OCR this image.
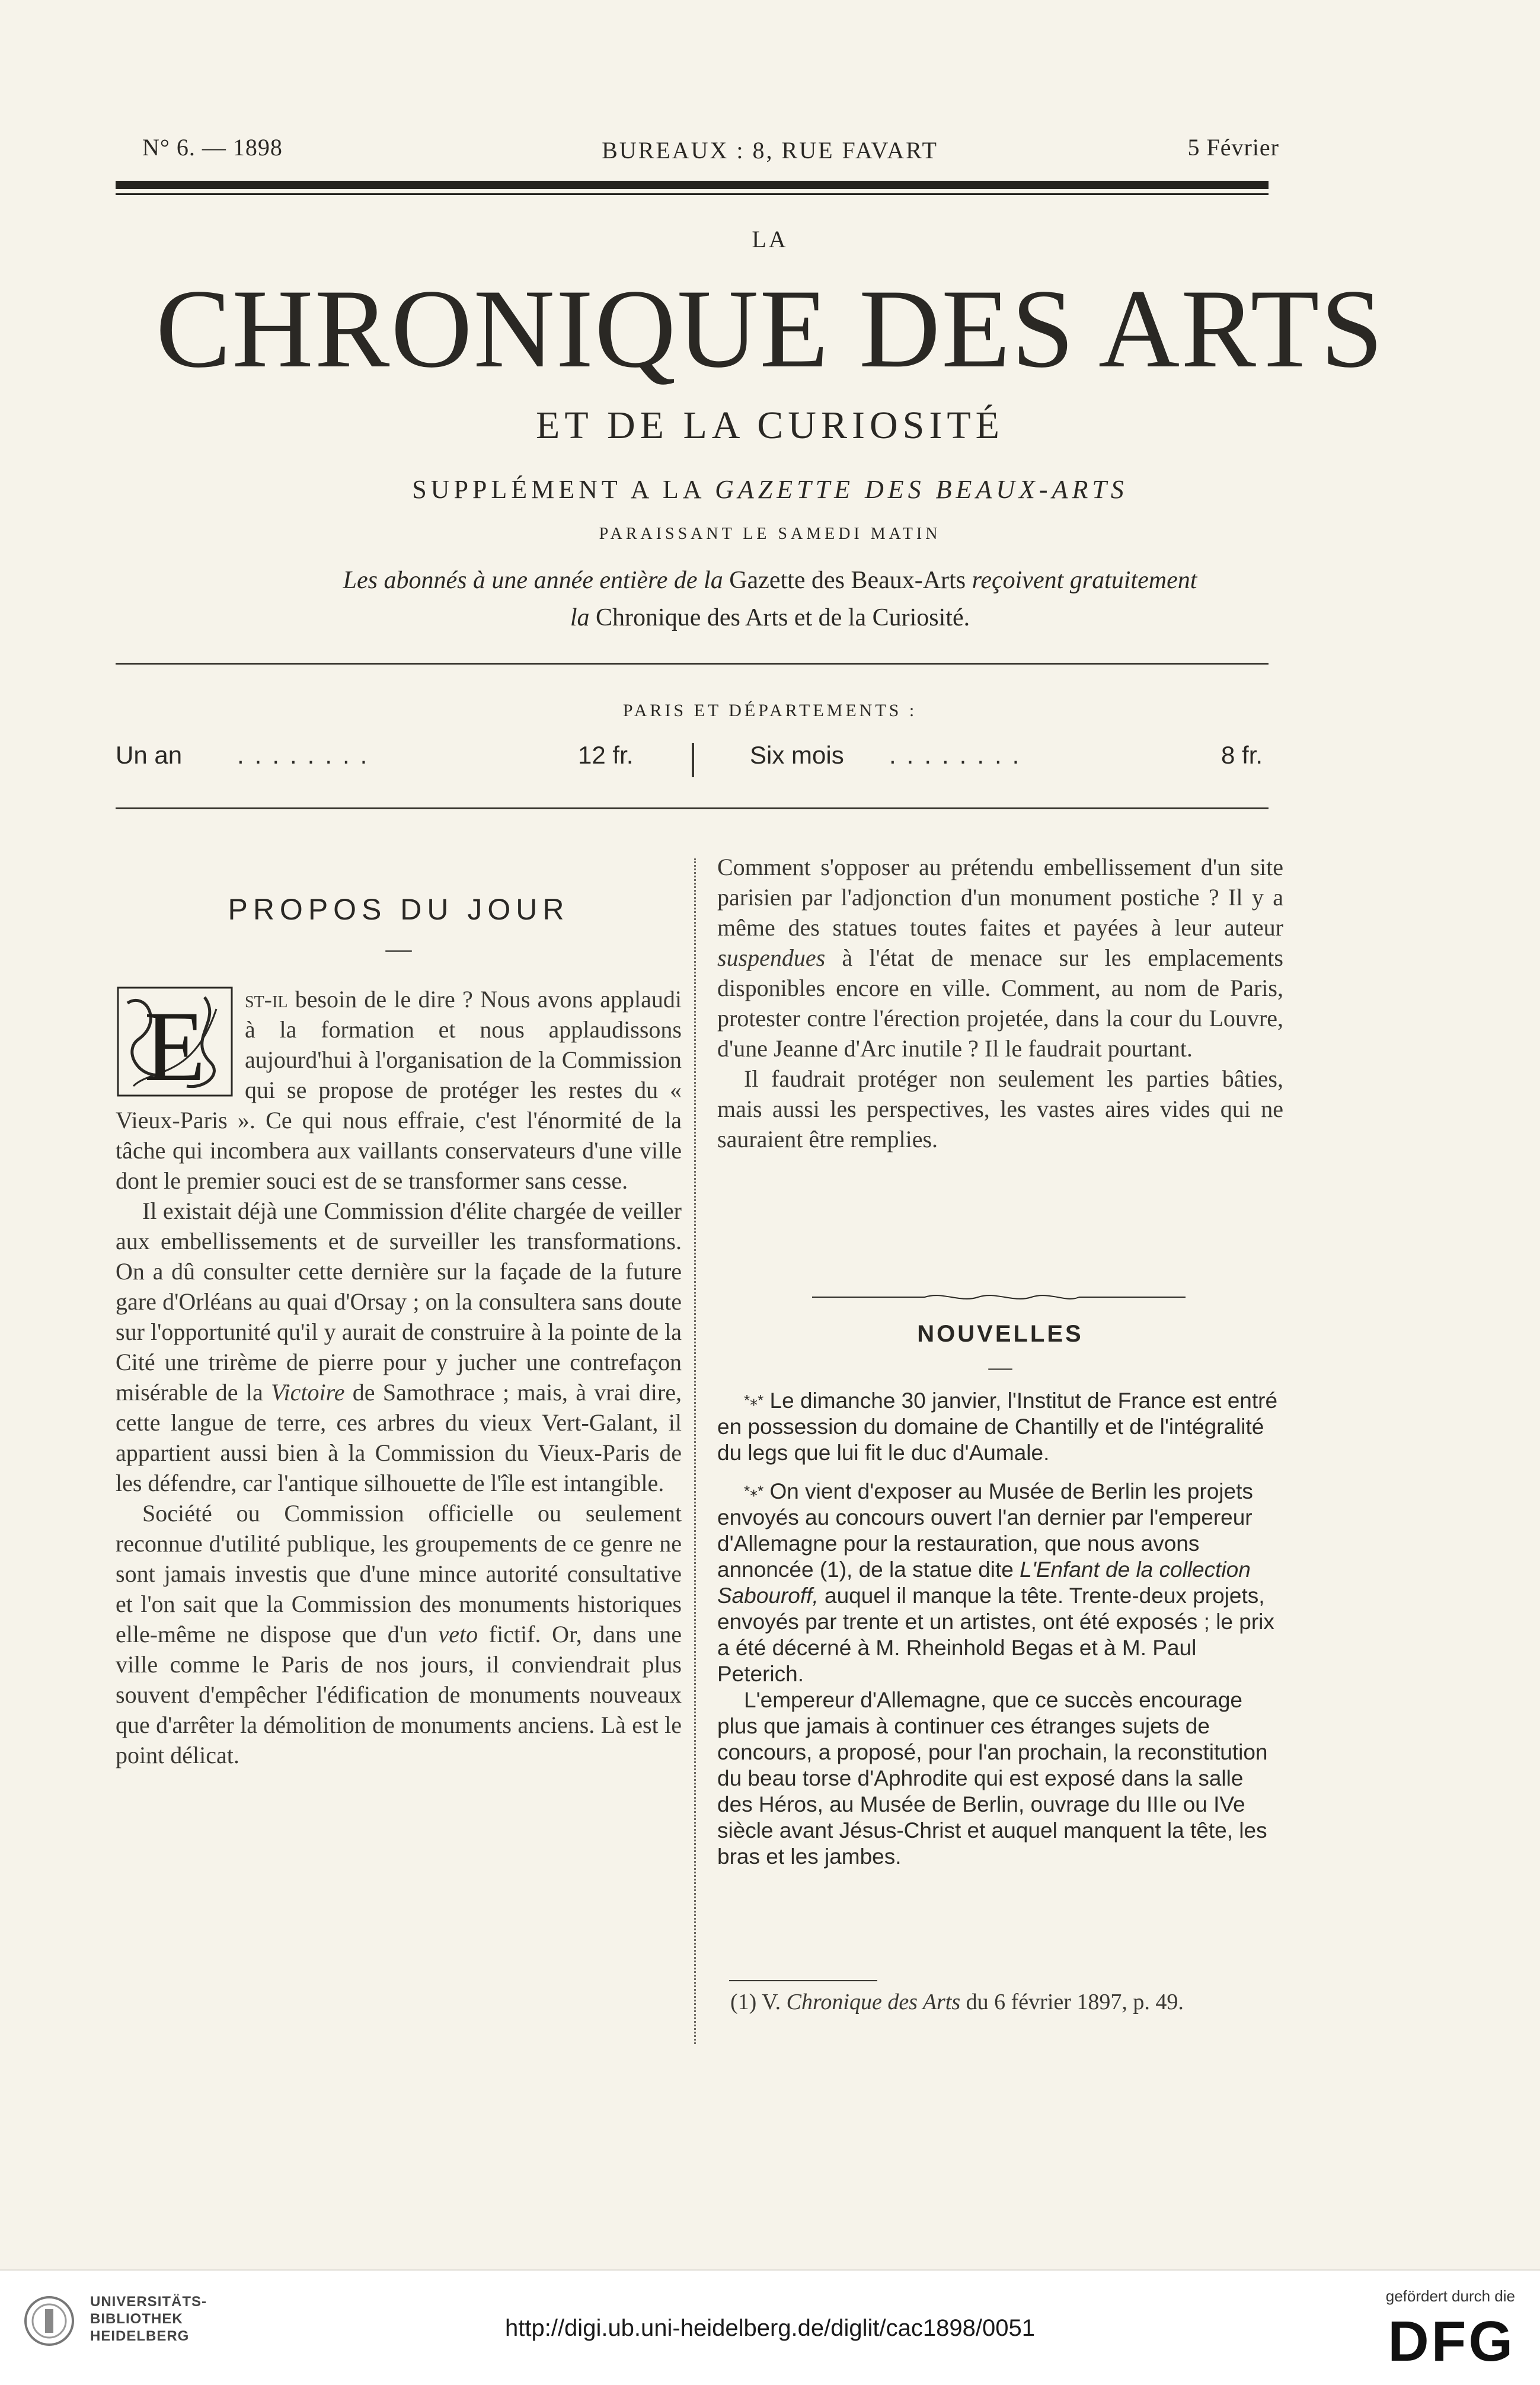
N° 6. — 1898	BUREAUX : 8, RUE FAVART	5 Février
LA
CHRONIQUE DES ARTS
ET DE LA CURIOSITÉ
SUPPLÉMENT A LA GAZETTE DES BEAUX-ARTS
PARAISSANT LE SAMEDI MATIN
Les abonnés à une année entière de la Gazette des Beaux-Arts reçoivent gratuitement
la Chronique des Arts et de la Curiosité.
PARIS ET DÉPARTEMENTS :
Un an ........	12 fr.	Six mois ........	8 fr.
PROPOS DU JOUR
—

E st-il besoin de le dire ? Nous avons applaudi à la formation et nous applaudissons aujourd'hui à l'organisation de la Commission qui se propose de protéger les restes du « Vieux-Paris ». Ce qui nous effraie, c'est l'énormité de la tâche qui incombera aux vaillants conservateurs d'une ville dont le premier souci est de se transformer sans cesse.

Il existait déjà une Commission d'élite chargée de veiller aux embellissements et de surveiller les transformations. On a dû consulter cette dernière sur la façade de la future gare d'Orléans au quai d'Orsay ; on la consultera sans doute sur l'opportunité qu'il y aurait de construire à la pointe de la Cité une trirème de pierre pour y jucher une contrefaçon misérable de la Victoire de Samothrace ; mais, à vrai dire, cette langue de terre, ces arbres du vieux Vert-Galant, il appartient aussi bien à la Commission du Vieux-Paris de les défendre, car l'antique silhouette de l'île est intangible.

Société ou Commission officielle ou seulement reconnue d'utilité publique, les groupements de ce genre ne sont jamais investis que d'une mince autorité consultative et l'on sait que la Commission des monuments historiques elle-même ne dispose que d'un veto fictif. Or, dans une ville comme le Paris de nos jours, il conviendrait plus souvent d'empêcher l'édification de monuments nouveaux que d'arrêter la démolition de monuments anciens. Là est le point délicat.

Comment s'opposer au prétendu embellissement d'un site parisien par l'adjonction d'un monument postiche ? Il y a même des statues toutes faites et payées à leur auteur suspendues à l'état de menace sur les emplacements disponibles encore en ville. Comment, au nom de Paris, protester contre l'érection projetée, dans la cour du Louvre, d'une Jeanne d'Arc inutile ? Il le faudrait pourtant.

Il faudrait protéger non seulement les parties bâties, mais aussi les perspectives, les vastes aires vides qui ne sauraient être remplies.

NOUVELLES
—

*⁎* Le dimanche 30 janvier, l'Institut de France est entré en possession du domaine de Chantilly et de l'intégralité du legs que lui fit le duc d'Aumale.

*⁎* On vient d'exposer au Musée de Berlin les projets envoyés au concours ouvert l'an dernier par l'empereur d'Allemagne pour la restauration, que nous avons annoncée (1), de la statue dite L'Enfant de la collection Sabouroff, auquel il manque la tête. Trente-deux projets, envoyés par trente et un artistes, ont été exposés ; le prix a été décerné à M. Rheinhold Begas et à M. Paul Peterich.

L'empereur d'Allemagne, que ce succès encourage plus que jamais à continuer ces étranges sujets de concours, a proposé, pour l'an prochain, la reconstitution du beau torse d'Aphrodite qui est exposé dans la salle des Héros, au Musée de Berlin, ouvrage du IIIe ou IVe siècle avant Jésus-Christ et auquel manquent la tête, les bras et les jambes.

(1) V. Chronique des Arts du 6 février 1897, p. 49.
UNIVERSITÄTS-
BIBLIOTHEK
HEIDELBERG	http://digi.ub.uni-heidelberg.de/diglit/cac1898/0051
gefördert durch die
DFG
